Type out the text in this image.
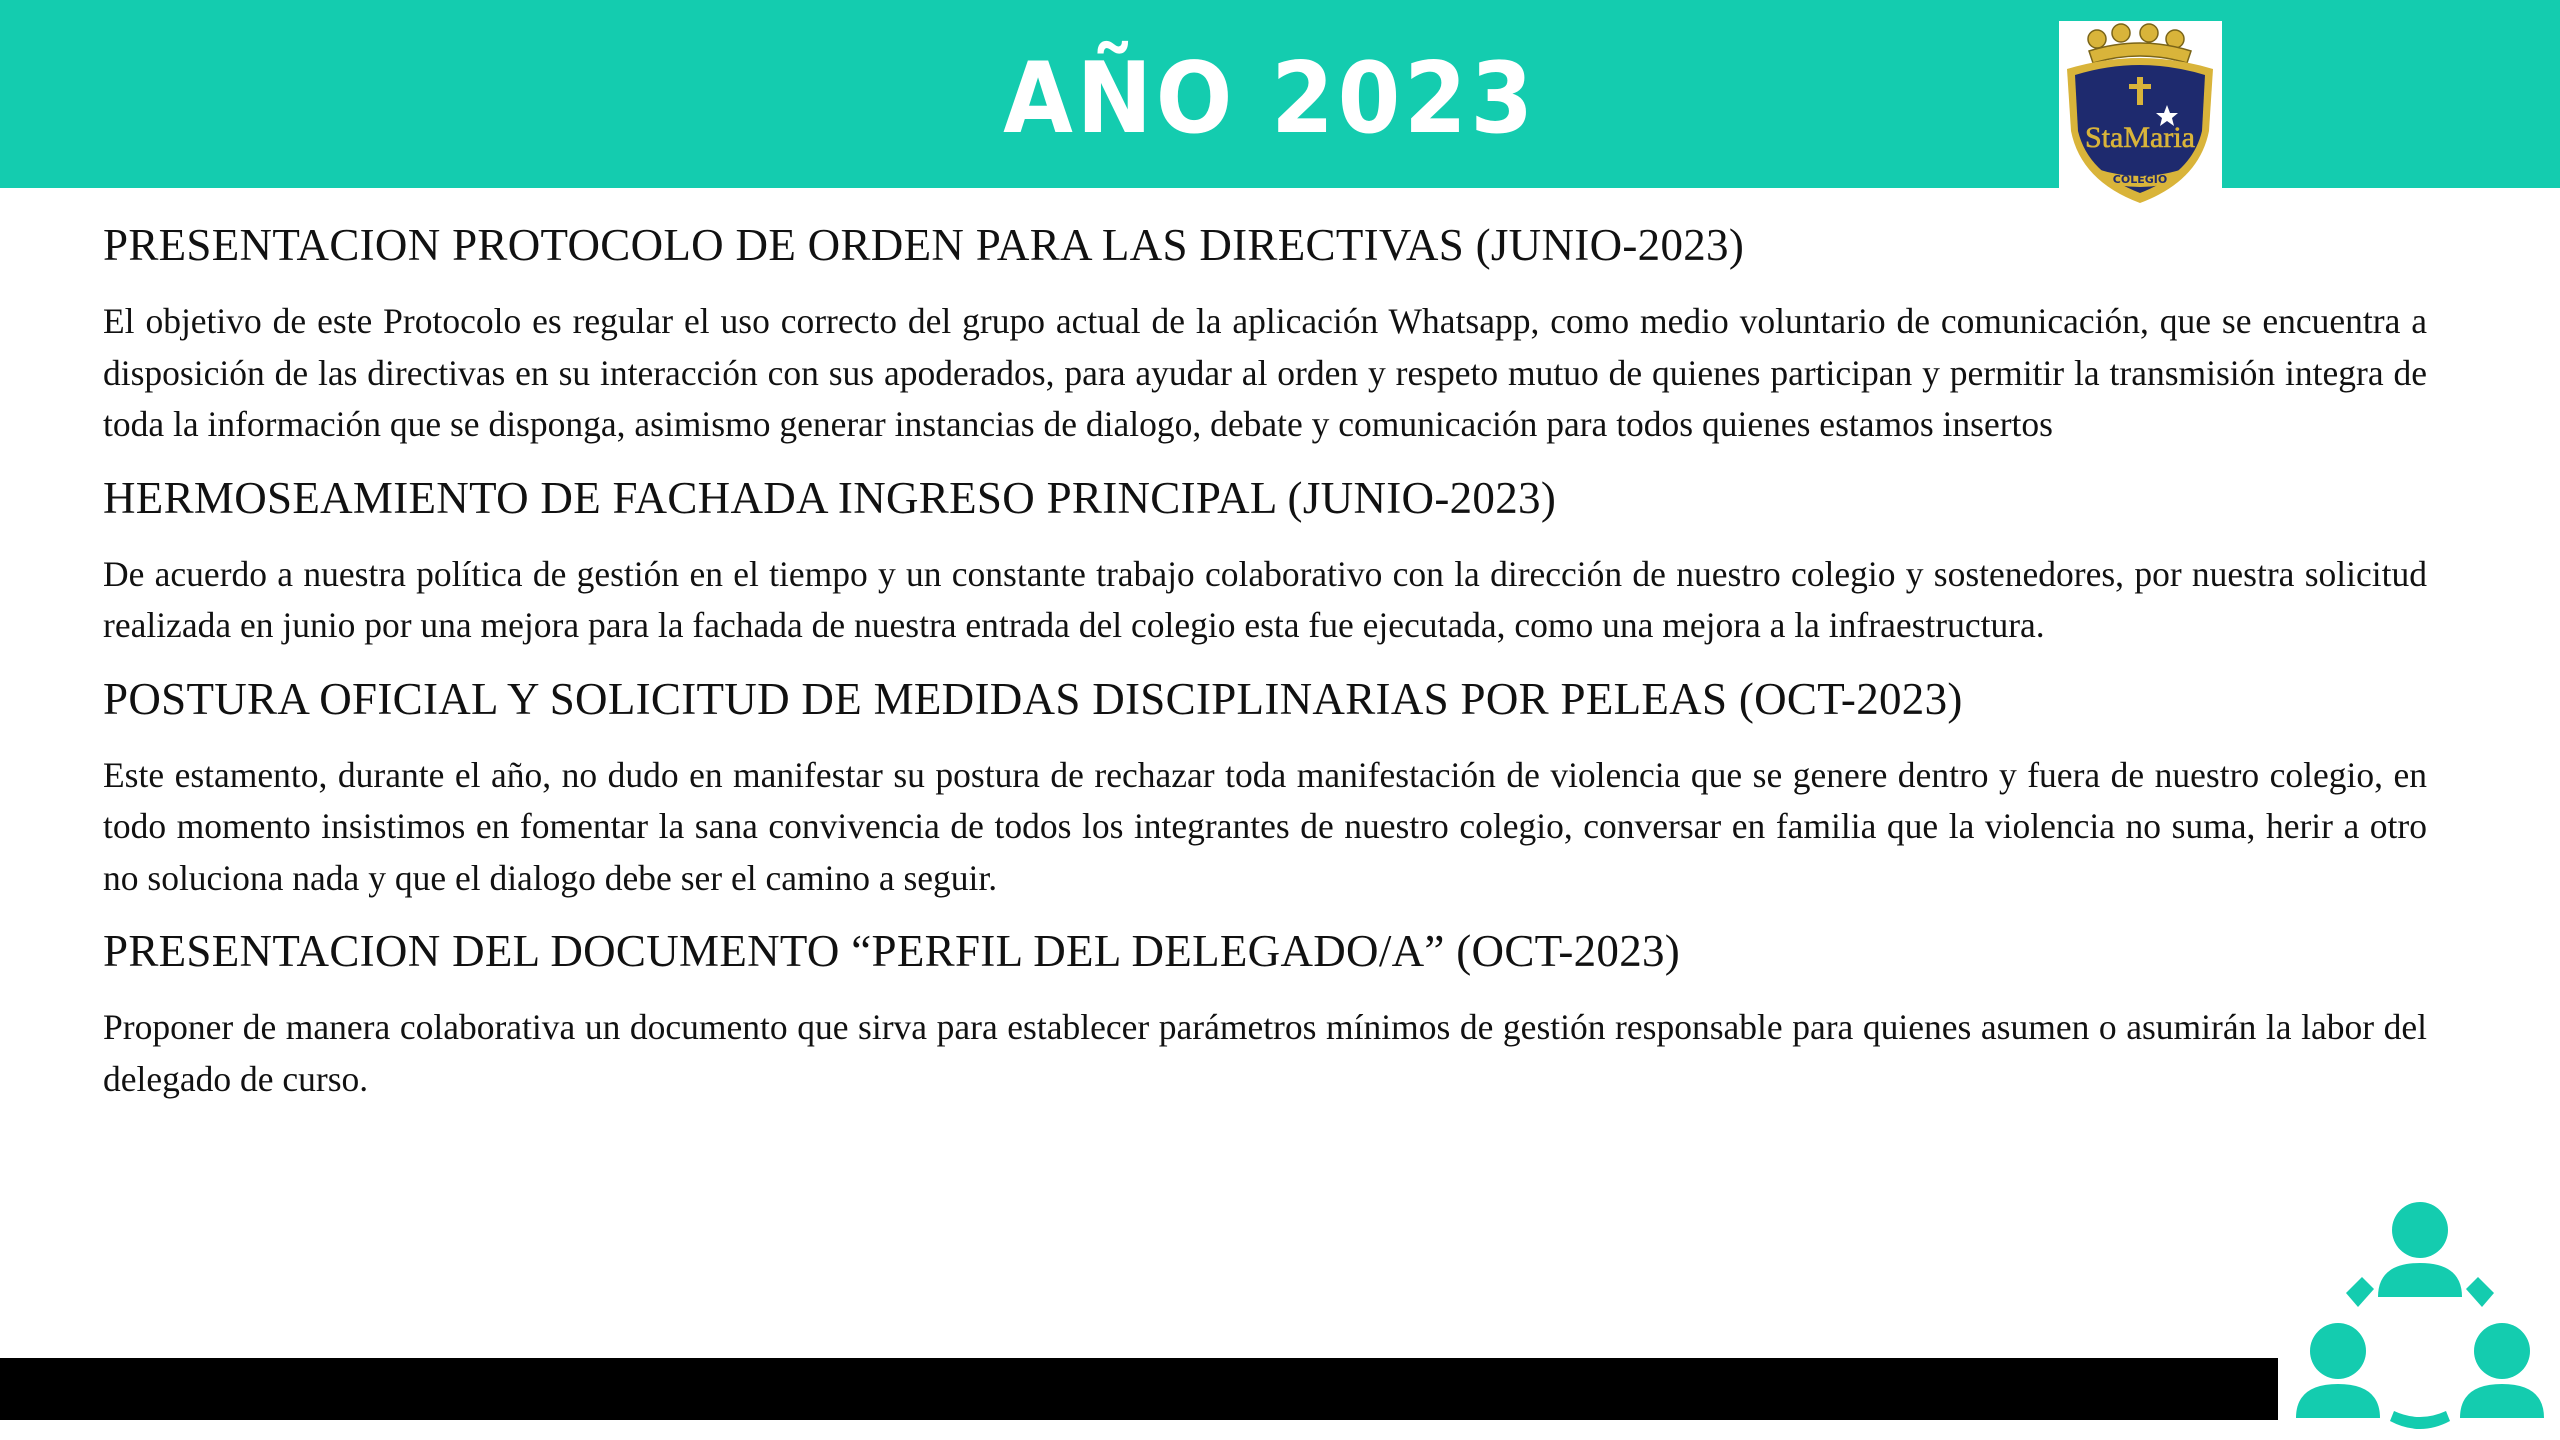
AÑO 2023	StaMaria
COLEGIO
PRESENTACION PROTOCOLO DE ORDEN PARA LAS DIRECTIVAS (JUNIO-2023)

El objetivo de este Protocolo es regular el uso correcto del grupo actual de la aplicación Whatsapp, como medio voluntario de comunicación, que se encuentra a disposición de las directivas en su interacción con sus apoderados, para ayudar al orden y respeto mutuo de quienes participan y permitir la transmisión integra de toda la información que se disponga, asimismo generar instancias de dialogo, debate y comunicación para todos quienes estamos insertos

HERMOSEAMIENTO DE FACHADA INGRESO PRINCIPAL (JUNIO-2023)

De acuerdo a nuestra política de gestión en el tiempo y un constante trabajo colaborativo con la dirección de nuestro colegio y sostenedores, por nuestra solicitud realizada en junio por una mejora para la fachada de nuestra entrada del colegio esta fue ejecutada, como una mejora a la infraestructura.

POSTURA OFICIAL Y SOLICITUD DE MEDIDAS DISCIPLINARIAS POR PELEAS (OCT-2023)

Este estamento, durante el año, no dudo en manifestar su postura de rechazar toda manifestación de violencia que se genere dentro y fuera de nuestro colegio, en todo momento insistimos en fomentar la sana convivencia de todos los integrantes de nuestro colegio, conversar en familia que la violencia no suma, herir a otro no soluciona nada y que el dialogo debe ser el camino a seguir.

PRESENTACION DEL DOCUMENTO “PERFIL DEL DELEGADO/A” (OCT-2023)

Proponer de manera colaborativa un documento que sirva para establecer parámetros mínimos de gestión responsable para quienes asumen o asumirán la labor del delegado de curso.
